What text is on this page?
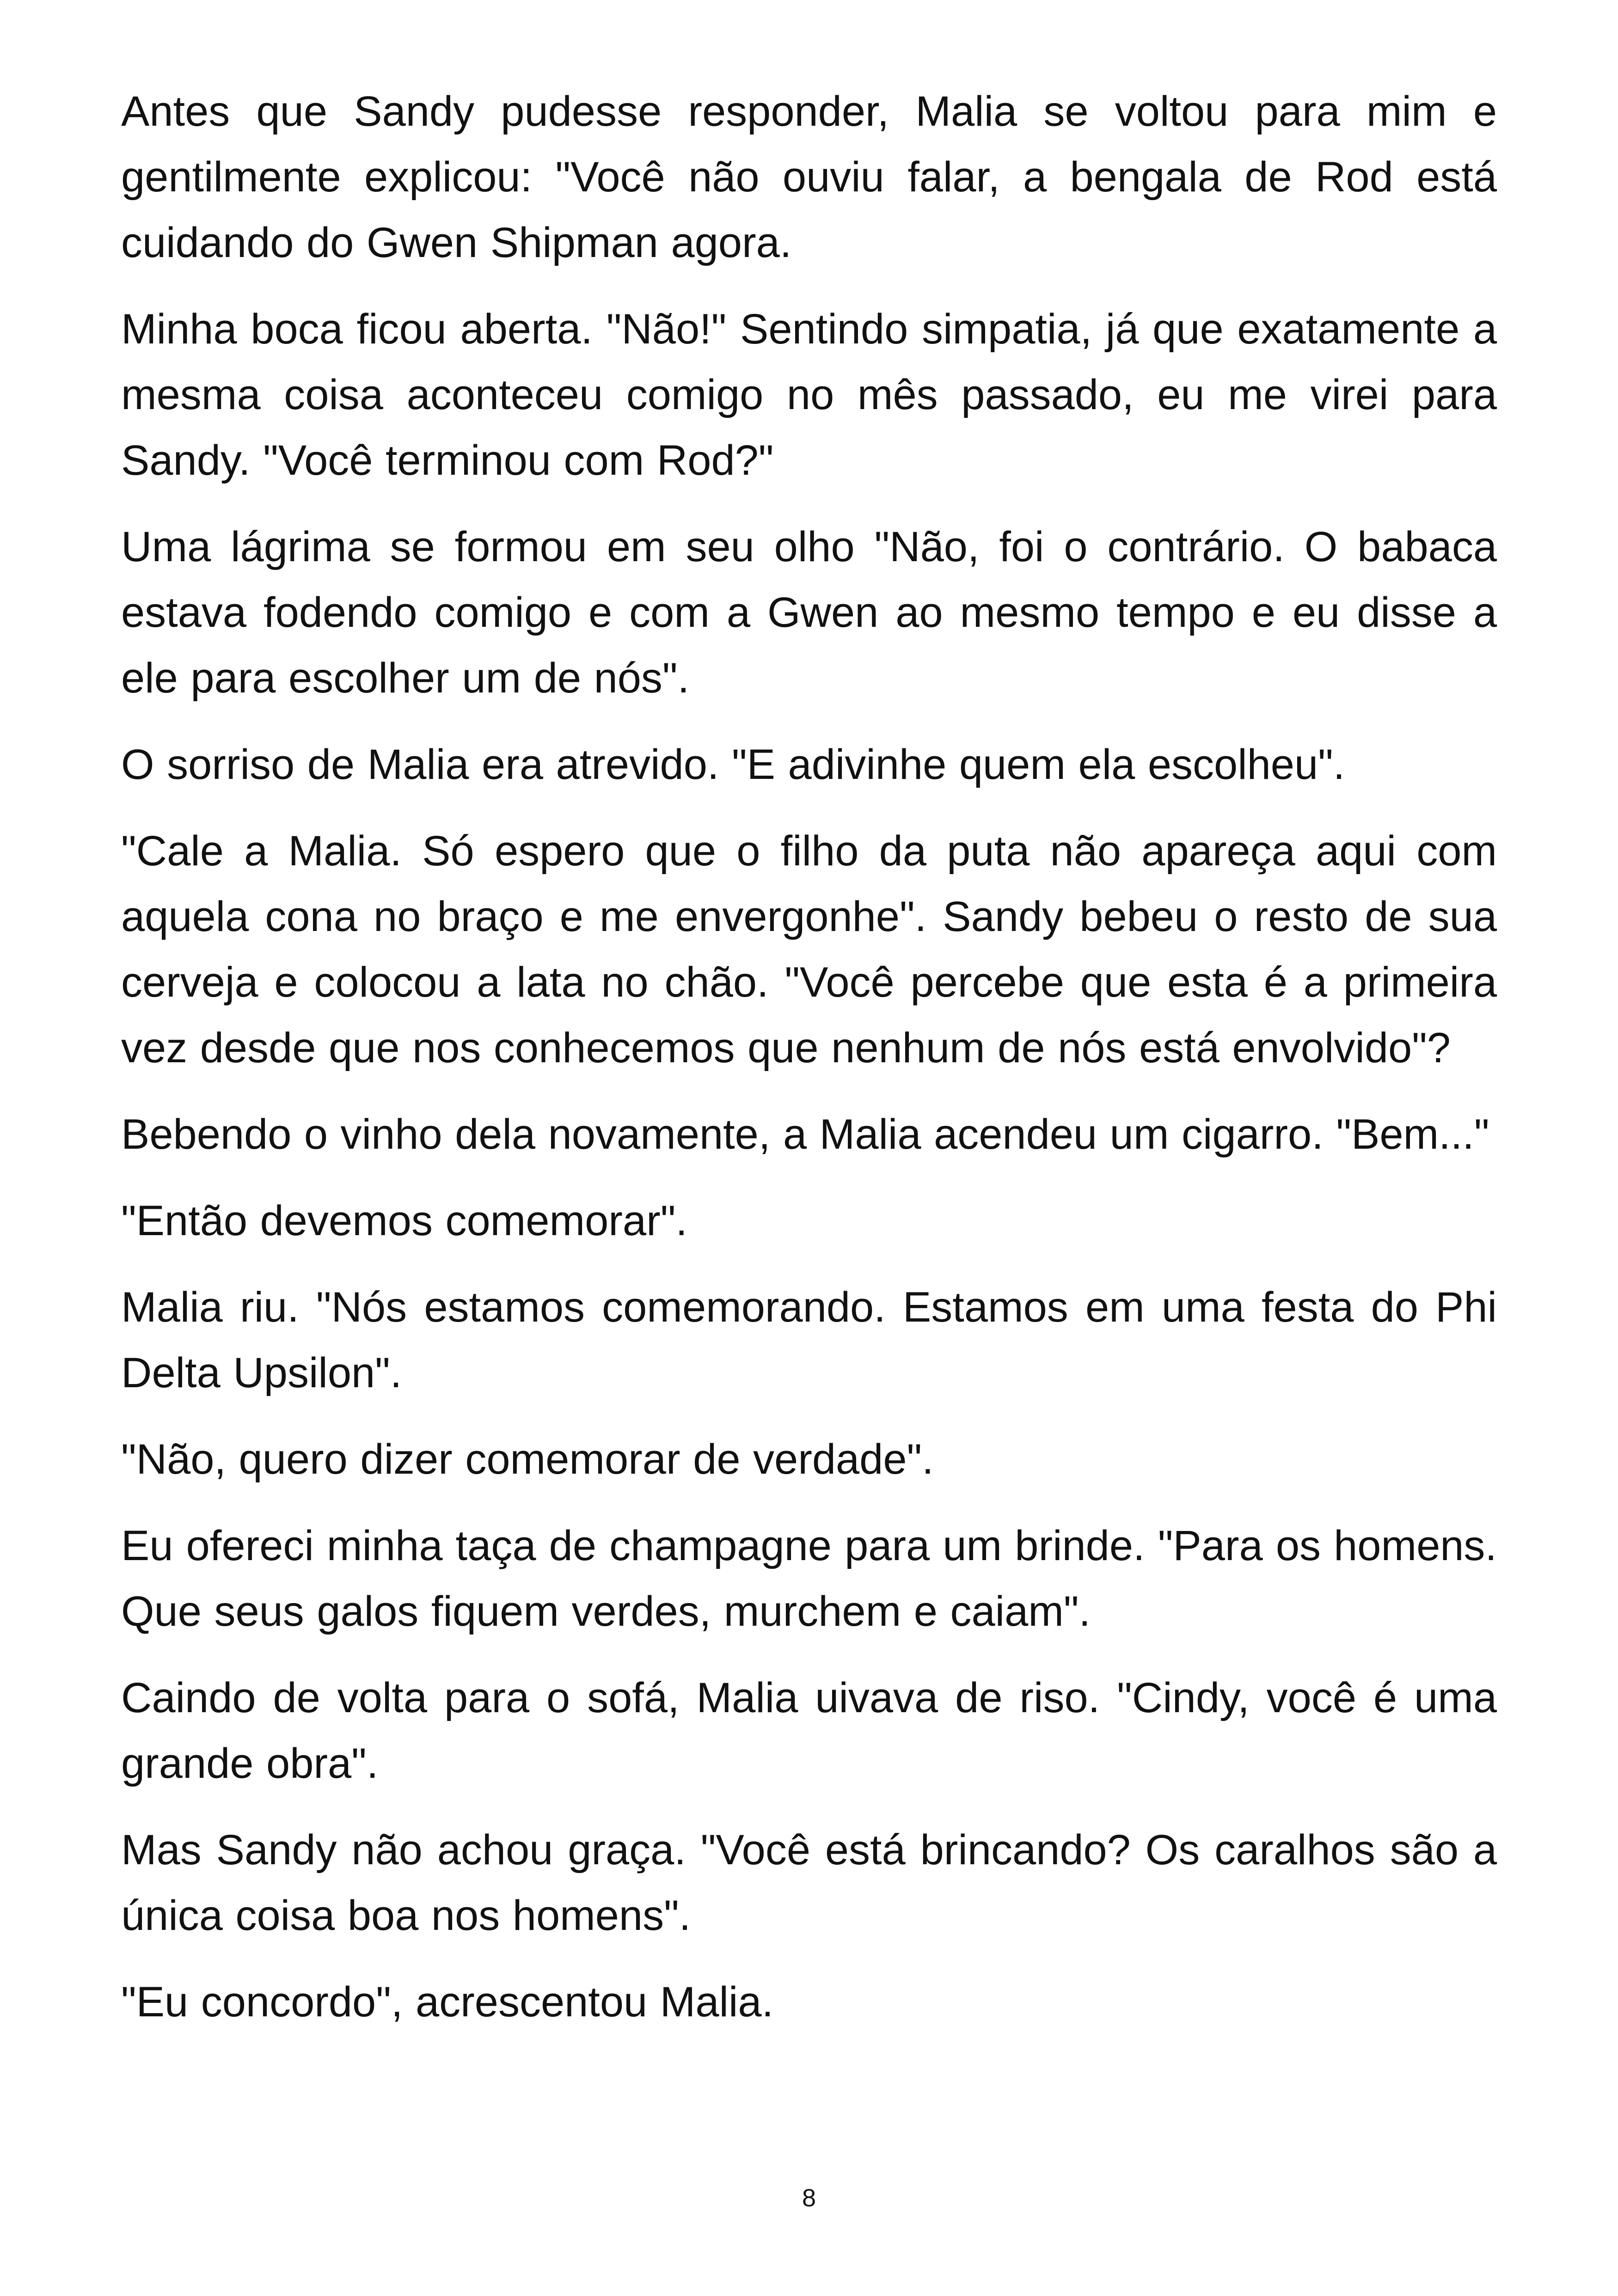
Antes que Sandy pudesse responder, Malia se voltou para mim e gentilmente explicou: "Você não ouviu falar, a bengala de Rod está cuidando do Gwen Shipman agora.

Minha boca ficou aberta. "Não!" Sentindo simpatia, já que exatamente a mesma coisa aconteceu comigo no mês passado, eu me virei para Sandy. "Você terminou com Rod?"

Uma lágrima se formou em seu olho "Não, foi o contrário. O babaca estava fodendo comigo e com a Gwen ao mesmo tempo e eu disse a ele para escolher um de nós".

O sorriso de Malia era atrevido. "E adivinhe quem ela escolheu".

"Cale a Malia. Só espero que o filho da puta não apareça aqui com aquela cona no braço e me envergonhe". Sandy bebeu o resto de sua cerveja e colocou a lata no chão. "Você percebe que esta é a primeira vez desde que nos conhecemos que nenhum de nós está envolvido"?

Bebendo o vinho dela novamente, a Malia acendeu um cigarro. "Bem..."

"Então devemos comemorar".

Malia riu. "Nós estamos comemorando. Estamos em uma festa do Phi Delta Upsilon".

"Não, quero dizer comemorar de verdade".

Eu ofereci minha taça de champagne para um brinde. "Para os homens. Que seus galos fiquem verdes, murchem e caiam".

Caindo de volta para o sofá, Malia uivava de riso. "Cindy, você é uma grande obra".

Mas Sandy não achou graça. "Você está brincando? Os caralhos são a única coisa boa nos homens".

"Eu concordo", acrescentou Malia.

8
